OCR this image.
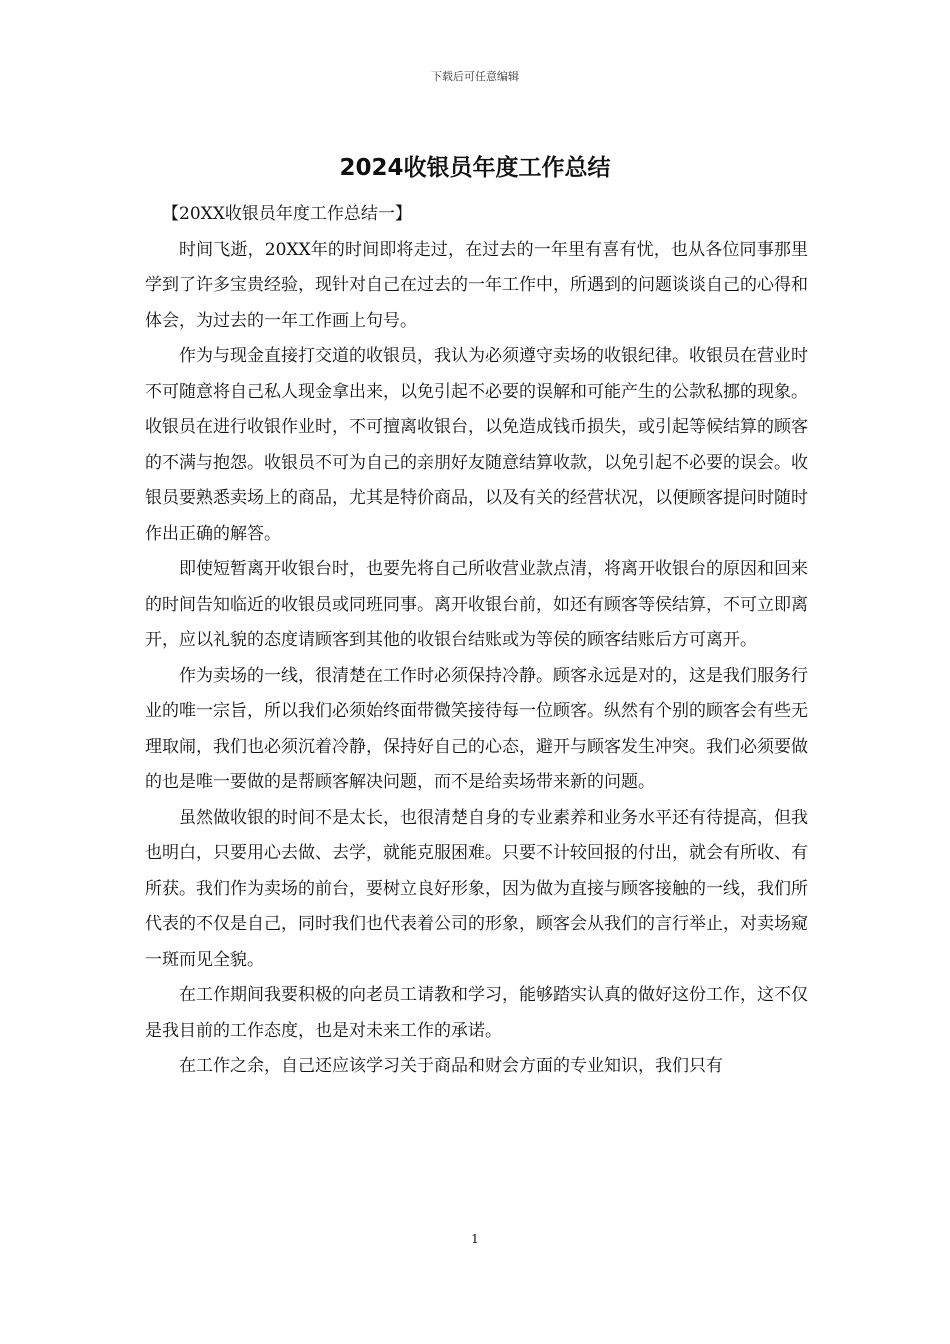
下载后可任意编辑
2024收银员年度工作总结

【20XX收银员年度工作总结一】

时间飞逝，20XX年的时间即将走过，在过去的一年里有喜有忧，也从各位同事那里学到了许多宝贵经验，现针对自己在过去的一年工作中，所遇到的问题谈谈自己的心得和体会，为过去的一年工作画上句号。

作为与现金直接打交道的收银员，我认为必须遵守卖场的收银纪律。收银员在营业时不可随意将自己私人现金拿出来，以免引起不必要的误解和可能产生的公款私挪的现象。收银员在进行收银作业时，不可擅离收银台，以免造成钱币损失，或引起等候结算的顾客的不满与抱怨。收银员不可为自己的亲朋好友随意结算收款，以免引起不必要的误会。收银员要熟悉卖场上的商品，尤其是特价商品，以及有关的经营状况，以便顾客提问时随时作出正确的解答。

即使短暂离开收银台时，也要先将自己所收营业款点清，将离开收银台的原因和回来的时间告知临近的收银员或同班同事。离开收银台前，如还有顾客等侯结算，不可立即离开，应以礼貌的态度请顾客到其他的收银台结账或为等侯的顾客结账后方可离开。

作为卖场的一线，很清楚在工作时必须保持冷静。顾客永远是对的，这是我们服务行业的唯一宗旨，所以我们必须始终面带微笑接待每一位顾客。纵然有个别的顾客会有些无理取闹，我们也必须沉着冷静，保持好自己的心态，避开与顾客发生冲突。我们必须要做的也是唯一要做的是帮顾客解决问题，而不是给卖场带来新的问题。

虽然做收银的时间不是太长，也很清楚自身的专业素养和业务水平还有待提高，但我也明白，只要用心去做、去学，就能克服困难。只要不计较回报的付出，就会有所收、有所获。我们作为卖场的前台，要树立良好形象，因为做为直接与顾客接触的一线，我们所代表的不仅是自己，同时我们也代表着公司的形象，顾客会从我们的言行举止，对卖场窥一斑而见全貌。

在工作期间我要积极的向老员工请教和学习，能够踏实认真的做好这份工作，这不仅是我目前的工作态度，也是对未来工作的承诺。

在工作之余，自己还应该学习关于商品和财会方面的专业知识，我们只有

1
